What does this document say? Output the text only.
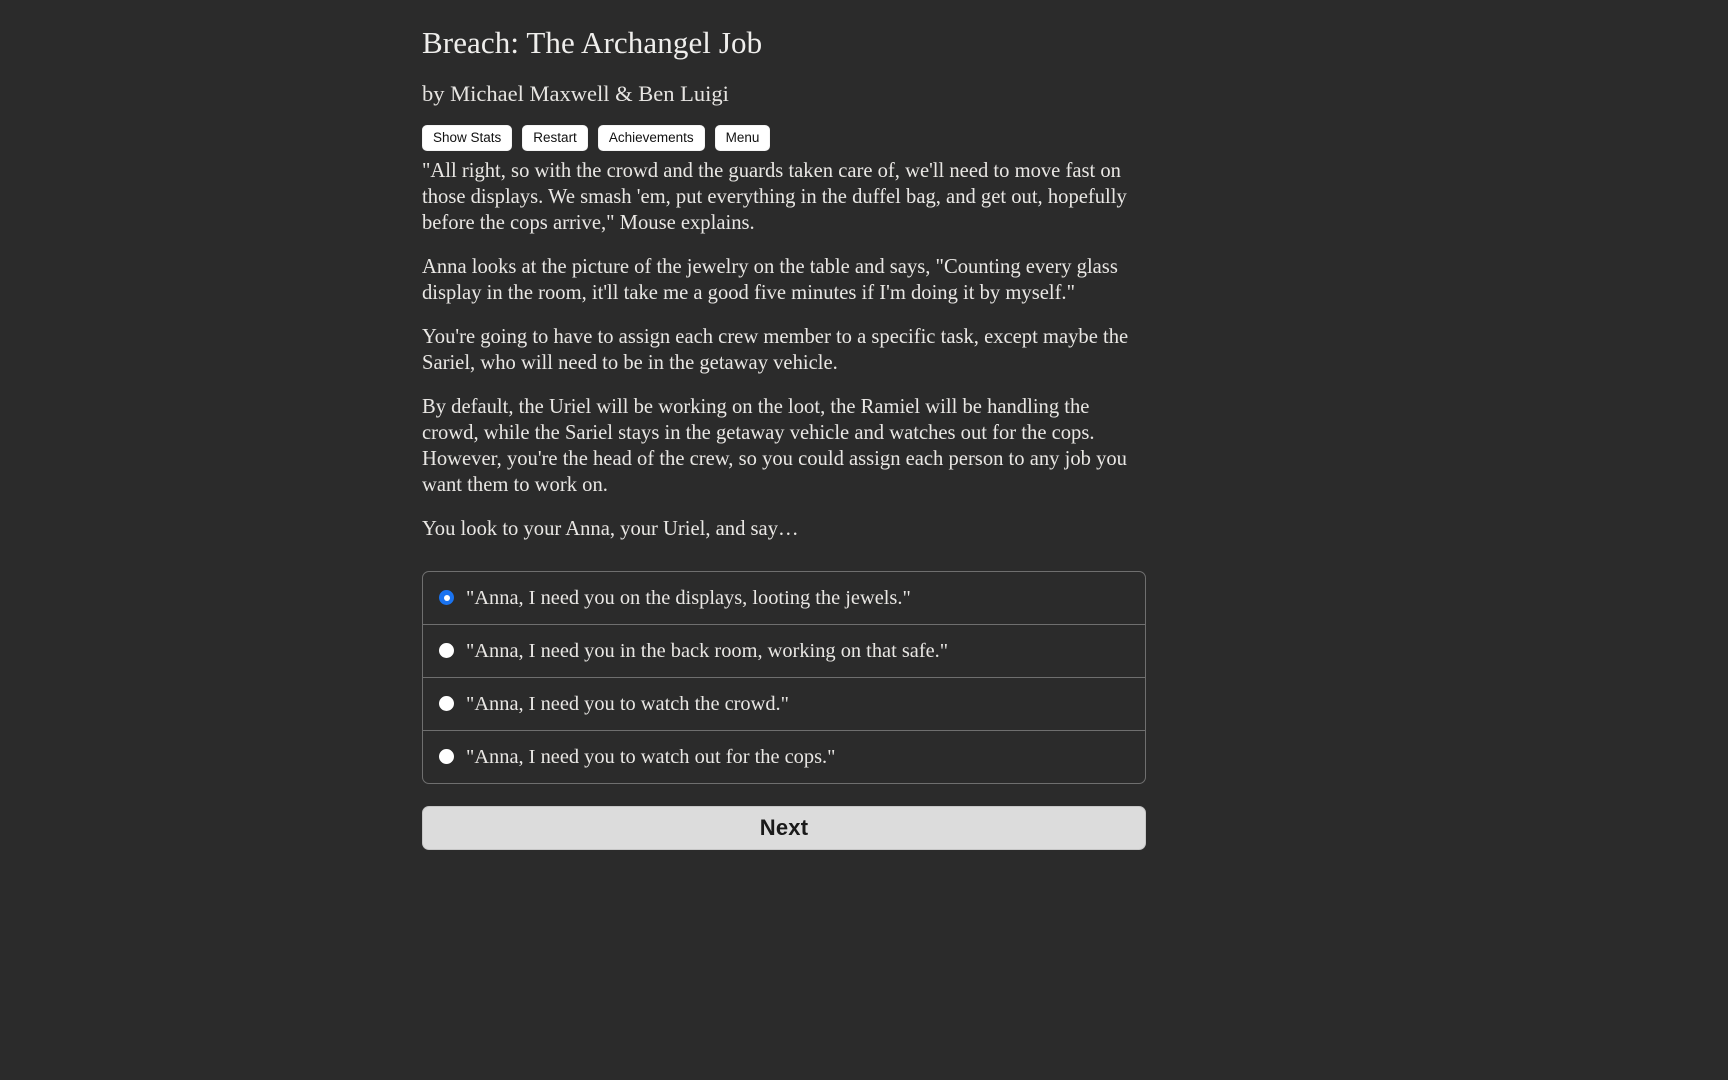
Breach: The Archangel Job
by Michael Maxwell & Ben Luigi
Show Stats	Restart	Achievements	Menu

"All right, so with the crowd and the guards taken care of, we'll need to move fast on those displays. We smash 'em, put everything in the duffel bag, and get out, hopefully before the cops arrive," Mouse explains.

Anna looks at the picture of the jewelry on the table and says, "Counting every glass display in the room, it'll take me a good five minutes if I'm doing it by myself."

You're going to have to assign each crew member to a specific task, except maybe the Sariel, who will need to be in the getaway vehicle.

By default, the Uriel will be working on the loot, the Ramiel will be handling the crowd, while the Sariel stays in the getaway vehicle and watches out for the cops. However, you're the head of the crew, so you could assign each person to any job you want them to work on.

You look to your Anna, your Uriel, and say…

"Anna, I need you on the displays, looting the jewels."
"Anna, I need you in the back room, working on that safe."
"Anna, I need you to watch the crowd."
"Anna, I need you to watch out for the cops."
Next
